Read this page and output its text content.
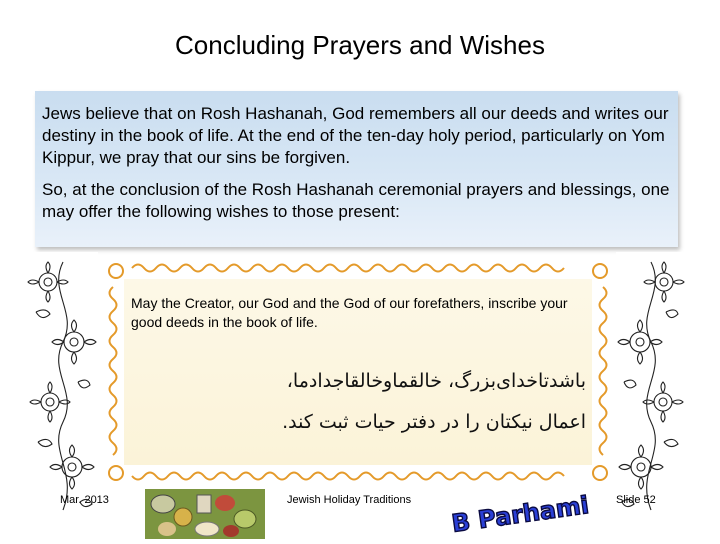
Concluding Prayers and Wishes

Jews believe that on Rosh Hashanah, God remembers all our deeds and writes our destiny in the book of life. At the end of the ten-day holy period, particularly on Yom Kippur, we pray that our sins be forgiven.

So, at the conclusion of the Rosh Hashanah ceremonial prayers and blessings, one may offer the following wishes to those present:

May the Creator, our God and the God of our forefathers, inscribe your good deeds in the book of life.
باشدتاخدای‌بزرگ، خالقماوخالقاجدادما،
اعمال نیکتان را در دفتر حیات ثبت کند.
Mar. 2013	Jewish Holiday Traditions B Parhami Slide 52
